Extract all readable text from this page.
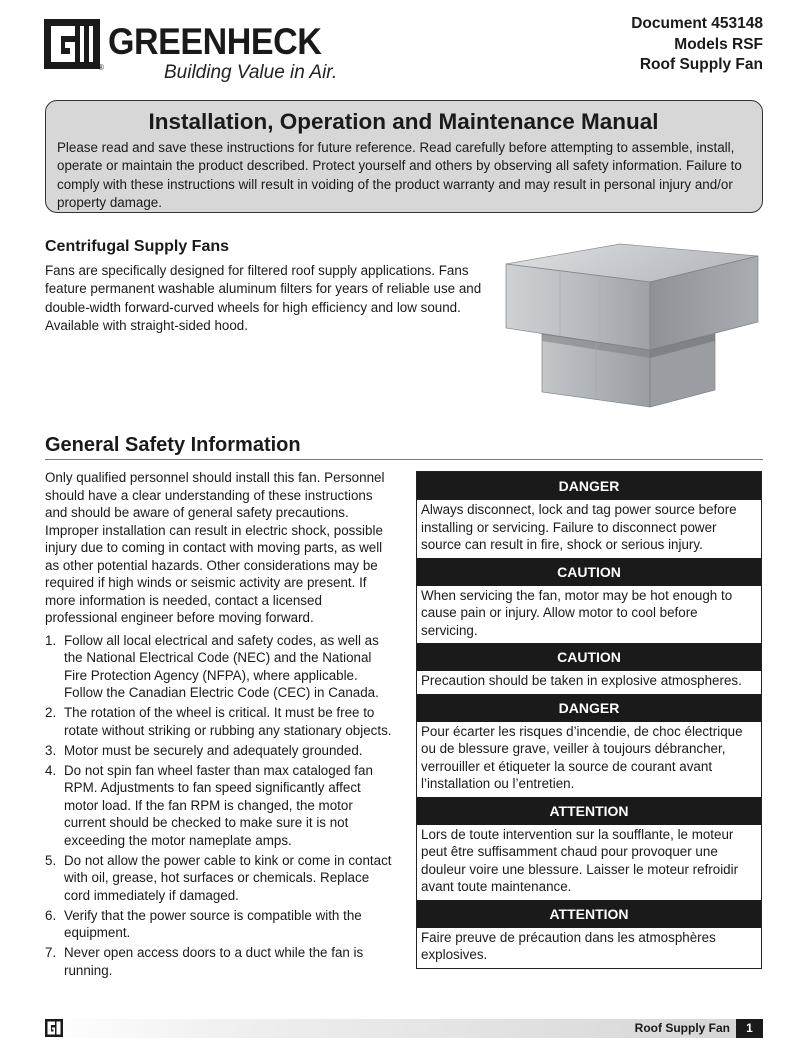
®
GREENHECK
Building Value in Air.
Document 453148
Models RSF
Roof Supply Fan
Installation, Operation and Maintenance Manual

Please read and save these instructions for future reference. Read carefully before attempting to assemble, install, operate or maintain the product described. Protect yourself and others by observing all safety information. Failure to comply with these instructions will result in voiding of the product warranty and may result in personal injury and/or property damage.

Centrifugal Supply Fans
Fans are specifically designed for filtered roof supply applications. Fans feature permanent washable aluminum filters for years of reliable use and double-width forward-curved wheels for high efficiency and low sound. Available with straight-sided hood.
General Safety Information
Only qualified personnel should install this fan. Personnel should have a clear understanding of these instructions and should be aware of general safety precautions. Improper installation can result in electric shock, possible injury due to coming in contact with moving parts, as well as other potential hazards. Other considerations may be required if high winds or seismic activity are present. If more information is needed, contact a licensed professional engineer before moving forward.
1. Follow all local electrical and safety codes, as well as the National Electrical Code (NEC) and the National Fire Protection Agency (NFPA), where applicable. Follow the Canadian Electric Code (CEC) in Canada.
2. The rotation of the wheel is critical. It must be free to rotate without striking or rubbing any stationary objects.
3. Motor must be securely and adequately grounded.
4. Do not spin fan wheel faster than max cataloged fan RPM. Adjustments to fan speed significantly affect motor load. If the fan RPM is changed, the motor current should be checked to make sure it is not exceeding the motor nameplate amps.
5. Do not allow the power cable to kink or come in contact with oil, grease, hot surfaces or chemicals. Replace cord immediately if damaged.
6. Verify that the power source is compatible with the equipment.
7. Never open access doors to a duct while the fan is running.
DANGER
Always disconnect, lock and tag power source before installing or servicing. Failure to disconnect power source can result in fire, shock or serious injury.
CAUTION
When servicing the fan, motor may be hot enough to cause pain or injury. Allow motor to cool before servicing.
CAUTION
Precaution should be taken in explosive atmospheres.
DANGER
Pour écarter les risques d’incendie, de choc électrique ou de blessure grave, veiller à toujours débrancher, verrouiller et étiqueter la source de courant avant l’installation ou l’entretien.
ATTENTION
Lors de toute intervention sur la soufflante, le moteur peut être suffisamment chaud pour provoquer une douleur voire une blessure. Laisser le moteur refroidir avant toute maintenance.
ATTENTION
Faire preuve de précaution dans les atmosphères explosives.
Roof Supply Fan	1
